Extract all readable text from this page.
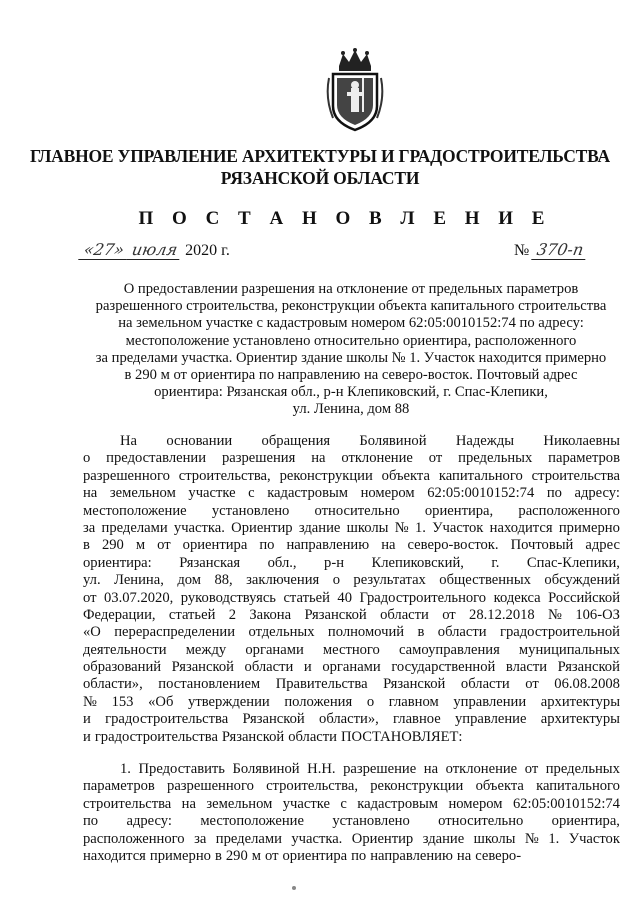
ГЛАВНОЕ УПРАВЛЕНИЕ АРХИТЕКТУРЫ И ГРАДОСТРОИТЕЛЬСТВА
РЯЗАНСКОЙ ОБЛАСТИ
П О С Т А Н О В Л Е Н И Е
«27» июля 2020 г.	№ 370-п
О предоставлении разрешения на отклонение от предельных параметров
разрешенного строительства, реконструкции объекта капитального строительства
на земельном участке с кадастровым номером 62:05:0010152:74 по адресу:
местоположение установлено относительно ориентира, расположенного
за пределами участка. Ориентир здание школы № 1. Участок находится примерно
в 290 м от ориентира по направлению на северо-восток. Почтовый адрес
ориентира: Рязанская обл., р-н Клепиковский, г. Спас-Клепики,
ул. Ленина, дом 88
На основании обращения Болявиной Надежды Николаевны
о предоставлении разрешения на отклонение от предельных параметров
разрешенного строительства, реконструкции объекта капитального строительства
на земельном участке с кадастровым номером 62:05:0010152:74 по адресу:
местоположение установлено относительно ориентира, расположенного
за пределами участка. Ориентир здание школы № 1. Участок находится примерно
в 290 м от ориентира по направлению на северо-восток. Почтовый адрес
ориентира: Рязанская обл., р-н Клепиковский, г. Спас-Клепики,
ул. Ленина, дом 88, заключения о результатах общественных обсуждений
от 03.07.2020, руководствуясь статьей 40 Градостроительного кодекса Российской
Федерации, статьей 2 Закона Рязанской области от 28.12.2018 № 106-ОЗ
«О перераспределении отдельных полномочий в области градостроительной
деятельности между органами местного самоуправления муниципальных
образований Рязанской области и органами государственной власти Рязанской
области», постановлением Правительства Рязанской области от 06.08.2008
№ 153 «Об утверждении положения о главном управлении архитектуры
и градостроительства Рязанской области», главное управление архитектуры
и градостроительства Рязанской области ПОСТАНОВЛЯЕТ:
1. Предоставить Болявиной Н.Н. разрешение на отклонение от предельных
параметров разрешенного строительства, реконструкции объекта капитального
строительства на земельном участке с кадастровым номером 62:05:0010152:74
по адресу: местоположение установлено относительно ориентира,
расположенного за пределами участка. Ориентир здание школы № 1. Участок
находится примерно в 290 м от ориентира по направлению на северо-
